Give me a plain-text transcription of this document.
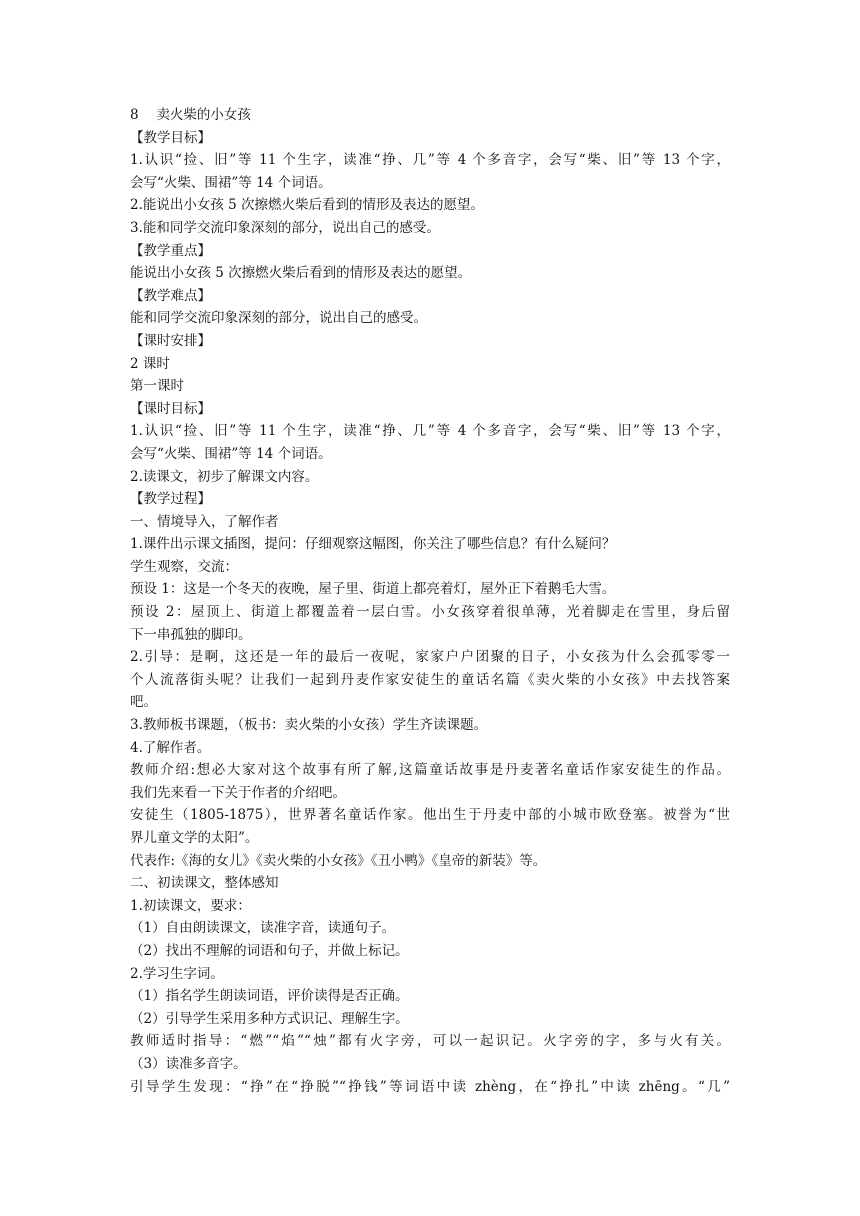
8　 卖火柴的小女孩
【教学目标】
1.认识“捡、旧”等 11 个生字，读准“挣、几”等 4 个多音字，会写“柴、旧”等 13 个字，
会写“火柴、围裙”等 14 个词语。
2.能说出小女孩 5 次擦燃火柴后看到的情形及表达的愿望。
3.能和同学交流印象深刻的部分，说出自己的感受。
【教学重点】
能说出小女孩 5 次擦燃火柴后看到的情形及表达的愿望。
【教学难点】
能和同学交流印象深刻的部分，说出自己的感受。
【课时安排】
2 课时
第一课时
【课时目标】
1.认识“捡、旧”等 11 个生字，读准“挣、几”等 4 个多音字，会写“柴、旧”等 13 个字，
会写“火柴、围裙”等 14 个词语。
2.读课文，初步了解课文内容。
【教学过程】
一、情境导入，了解作者
1.课件出示课文插图，提问：仔细观察这幅图，你关注了哪些信息？有什么疑问？
学生观察，交流：
预设 1：这是一个冬天的夜晚，屋子里、街道上都亮着灯，屋外正下着鹅毛大雪。
预设 2：屋顶上、街道上都覆盖着一层白雪。小女孩穿着很单薄，光着脚走在雪里，身后留
下一串孤独的脚印。
2.引导：是啊，这还是一年的最后一夜呢，家家户户团聚的日子，小女孩为什么会孤零零一
个人流落街头呢？让我们一起到丹麦作家安徒生的童话名篇《卖火柴的小女孩》中去找答案
吧。
3.教师板书课题，（板书：卖火柴的小女孩）学生齐读课题。
4.了解作者。
教师介绍:想必大家对这个故事有所了解,这篇童话故事是丹麦著名童话作家安徒生的作品。
我们先来看一下关于作者的介绍吧。
安徒生（1805-1875），世界著名童话作家。他出生于丹麦中部的小城市欧登塞。被誉为“世
界儿童文学的太阳”。
代表作:《海的女儿》《卖火柴的小女孩》《丑小鸭》《皇帝的新装》等。
二、初读课文，整体感知
1.初读课文，要求：
（1）自由朗读课文，读准字音，读通句子。
（2）找出不理解的词语和句子，并做上标记。
2.学习生字词。
（1）指名学生朗读词语，评价读得是否正确。
（2）引导学生采用多种方式识记、理解生字。
教师适时指导：“燃”“焰”“烛”都有火字旁，可以一起识记。火字旁的字，多与火有关。
（3）读准多音字。
引导学生发现：“挣”在“挣脱”“挣钱”等词语中读 zhèng，在“挣扎”中读 zhēng。“几”
